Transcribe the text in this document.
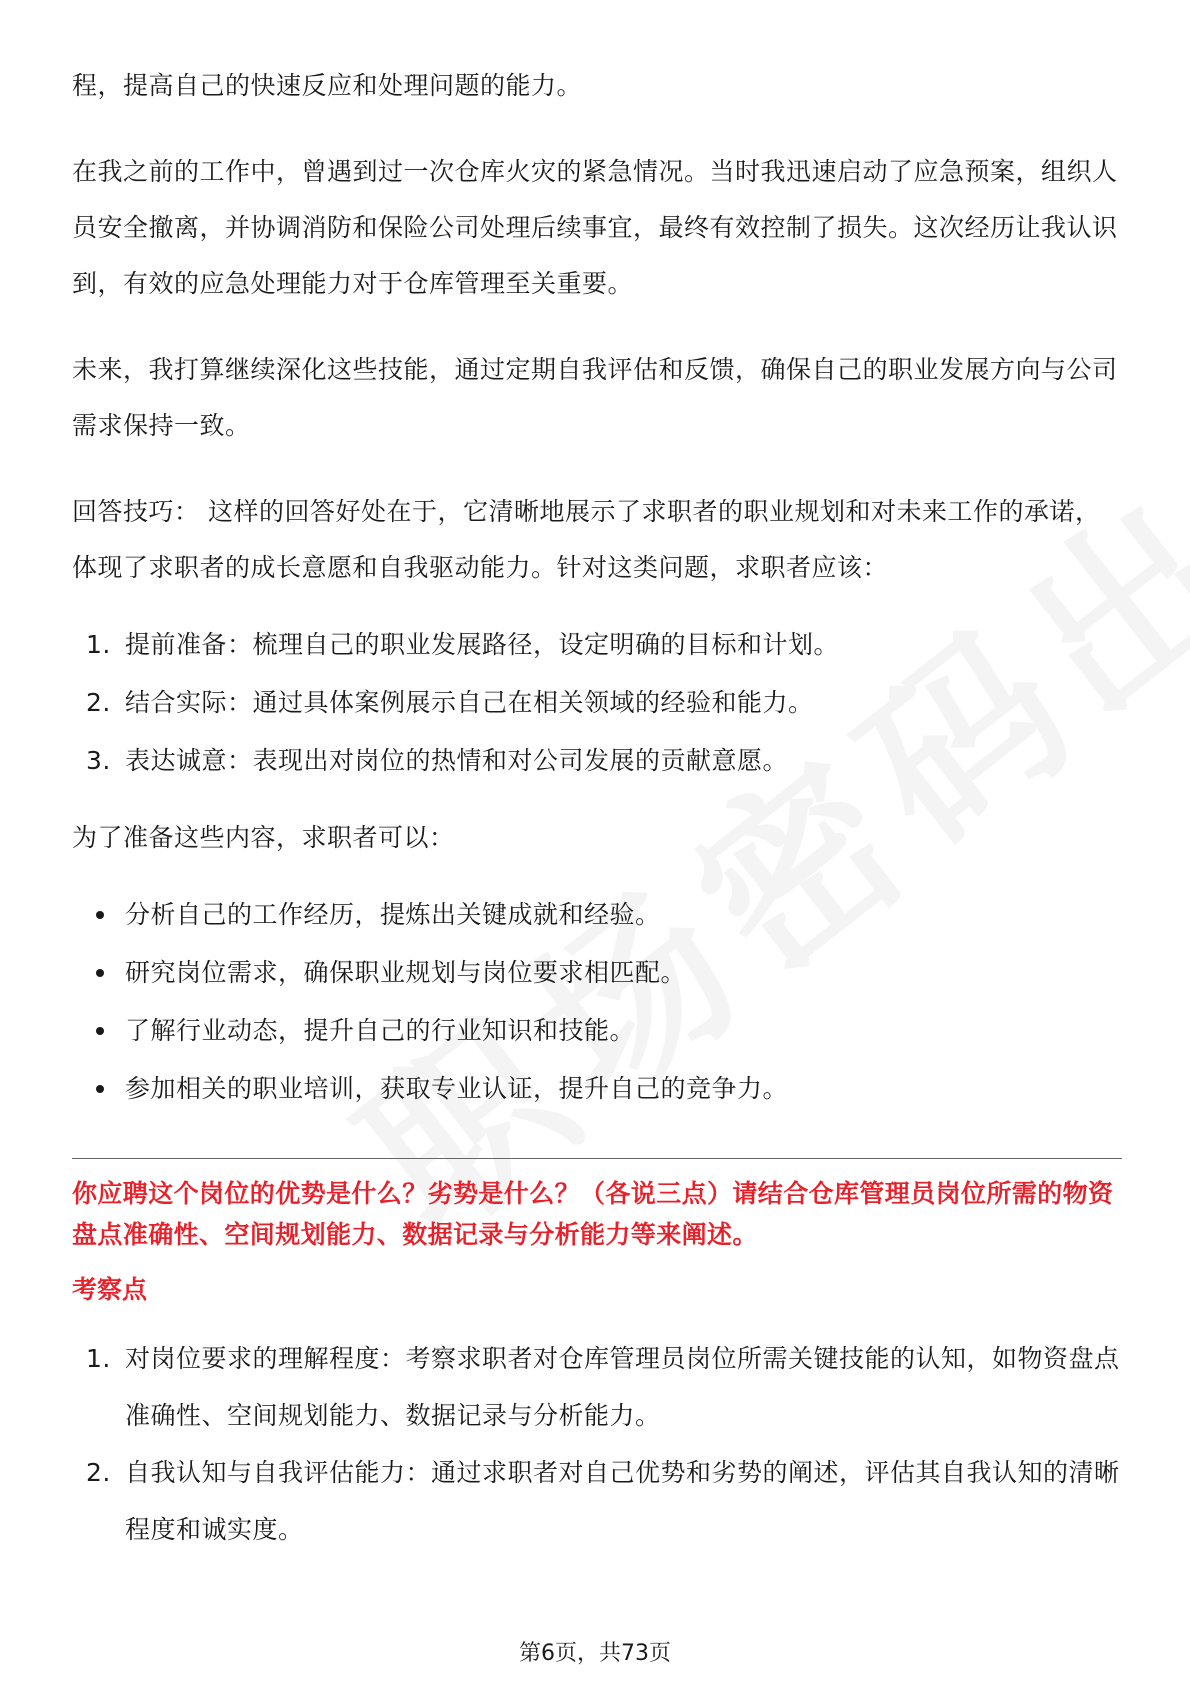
程，提高自己的快速反应和处理问题的能力。

在我之前的工作中，曾遇到过一次仓库火灾的紧急情况。当时我迅速启动了应急预案，组织人员安全撤离，并协调消防和保险公司处理后续事宜，最终有效控制了损失。这次经历让我认识到，有效的应急处理能力对于仓库管理至关重要。

未来，我打算继续深化这些技能，通过定期自我评估和反馈，确保自己的职业发展方向与公司需求保持一致。

回答技巧： 这样的回答好处在于，它清晰地展示了求职者的职业规划和对未来工作的承诺，体现了求职者的成长意愿和自我驱动能力。针对这类问题，求职者应该：

1. 提前准备：梳理自己的职业发展路径，设定明确的目标和计划。
2. 结合实际：通过具体案例展示自己在相关领域的经验和能力。
3. 表达诚意：表现出对岗位的热情和对公司发展的贡献意愿。

为了准备这些内容，求职者可以：

分析自己的工作经历，提炼出关键成就和经验。
研究岗位需求，确保职业规划与岗位要求相匹配。
了解行业动态，提升自己的行业知识和技能。
参加相关的职业培训，获取专业认证，提升自己的竞争力。

你应聘这个岗位的优势是什么？劣势是什么？（各说三点）请结合仓库管理员岗位所需的物资盘点准确性、空间规划能力、数据记录与分析能力等来阐述。

考察点

1. 对岗位要求的理解程度：考察求职者对仓库管理员岗位所需关键技能的认知，如物资盘点准确性、空间规划能力、数据记录与分析能力。
2. 自我认知与自我评估能力：通过求职者对自己优势和劣势的阐述，评估其自我认知的清晰程度和诚实度。
第6页，共73页
